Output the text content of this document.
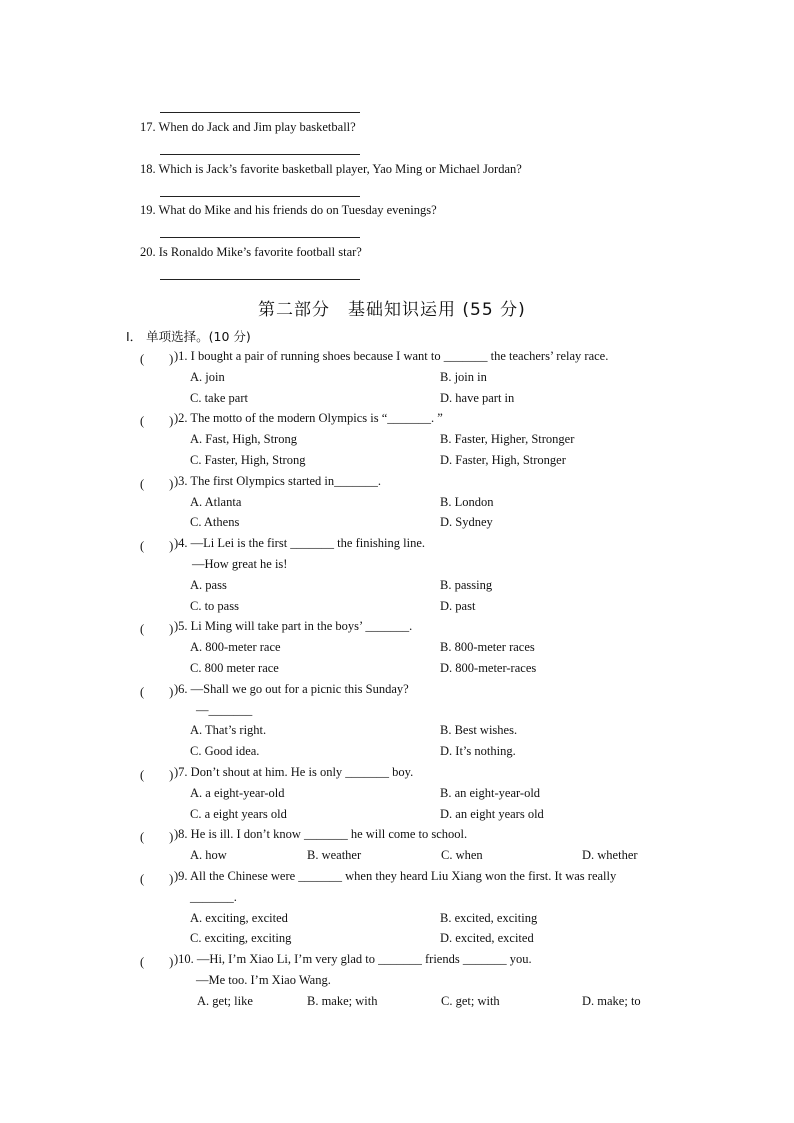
17. When do Jack and Jim play basketball?
18. Which is Jack’s favorite basketball player, Yao Ming or Michael Jordan?
19. What do Mike and his friends do on Tuesday evenings?
20. Is Ronaldo Mike’s favorite football star?
第二部分　基础知识运用 (55 分)
I． 单项选择。(10 分)
(　　) )1. I bought a pair of running shoes because I want to _______ the teachers’ relay race.
A. join	B. join in
C. take part	D. have part in
(　　) )2. The motto of the modern Olympics is “_______. ”
A. Fast, High, Strong	B. Faster, Higher, Stronger
C. Faster, High, Strong	D. Faster, High, Stronger
(　　) )3. The first Olympics started in_______.
A. Atlanta	B. London
C. Athens	D. Sydney
(　　) )4. —Li Lei is the first _______ the finishing line.
—How great he is!
A. pass	B. passing
C. to pass	D. past
(　　) )5. Li Ming will take part in the boys’ _______.
A. 800-meter race	B. 800-meter races
C. 800 meter race	D. 800-meter-races
(　　) )6. —Shall we go out for a picnic this Sunday?
—_______
A. That’s right.	B. Best wishes.
C. Good idea.	D. It’s nothing.
(　　) )7. Don’t shout at him. He is only _______ boy.
A. a eight-year-old	B. an eight-year-old
C. a eight years old	D. an eight years old
(　　) )8. He is ill. I don’t know _______ he will come to school.
A. how	B. weather	C. when	D. whether
(　　) )9. All the Chinese were _______ when they heard Liu Xiang won the first. It was really
_______.
A. exciting, excited	B. excited, exciting
C. exciting, exciting	D. excited, excited
(　　) )10. —Hi, I’m Xiao Li, I’m very glad to _______ friends _______ you.
—Me too. I’m Xiao Wang.
A. get; like	B. make; with	C. get; with	D. make; to
